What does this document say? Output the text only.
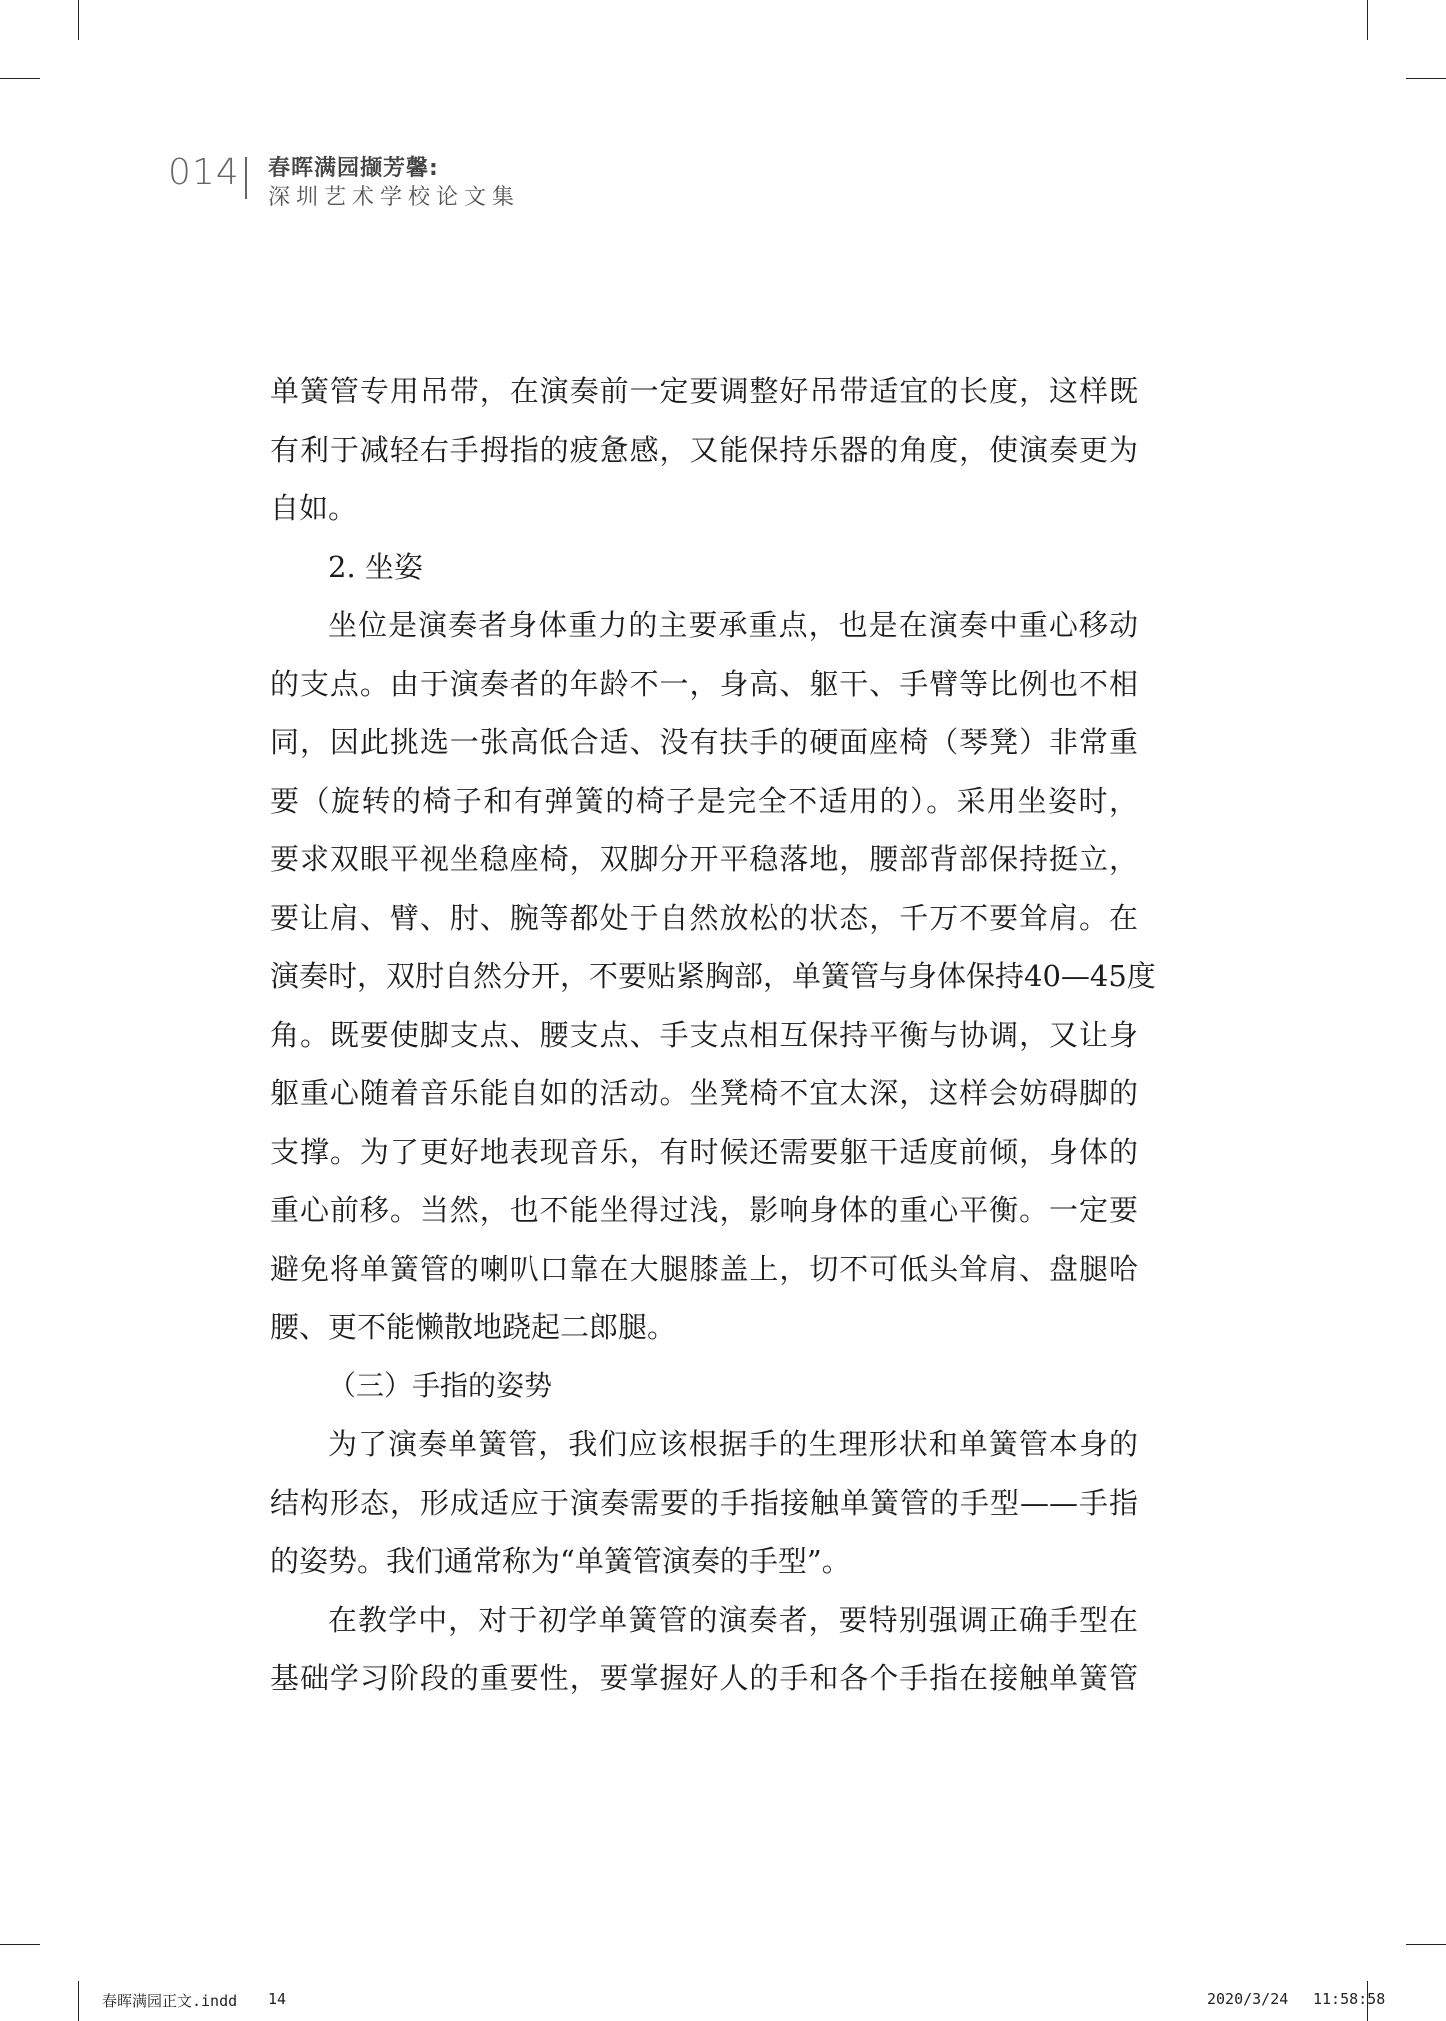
014 春晖满园撷芳馨:
深圳艺术学校论文集
单簧管专用吊带，在演奏前一定要调整好吊带适宜的长度，这样既
有利于减轻右手拇指的疲惫感，又能保持乐器的角度，使演奏更为
自如。
2. 坐姿
坐位是演奏者身体重力的主要承重点，也是在演奏中重心移动
的支点。由于演奏者的年龄不一，身高、躯干、手臂等比例也不相
同，因此挑选一张高低合适、没有扶手的硬面座椅（琴凳）非常重
要（旋转的椅子和有弹簧的椅子是完全不适用的）。采用坐姿时，
要求双眼平视坐稳座椅，双脚分开平稳落地，腰部背部保持挺立，
要让肩、臂、肘、腕等都处于自然放松的状态，千万不要耸肩。在
演奏时，双肘自然分开，不要贴紧胸部，单簧管与身体保持40—45度
角。既要使脚支点、腰支点、手支点相互保持平衡与协调，又让身
躯重心随着音乐能自如的活动。坐凳椅不宜太深，这样会妨碍脚的
支撑。为了更好地表现音乐，有时候还需要躯干适度前倾，身体的
重心前移。当然，也不能坐得过浅，影响身体的重心平衡。一定要
避免将单簧管的喇叭口靠在大腿膝盖上，切不可低头耸肩、盘腿哈
腰、更不能懒散地跷起二郎腿。
（三）手指的姿势
为了演奏单簧管，我们应该根据手的生理形状和单簧管本身的
结构形态，形成适应于演奏需要的手指接触单簧管的手型——手指
的姿势。我们通常称为“单簧管演奏的手型”。
在教学中，对于初学单簧管的演奏者，要特别强调正确手型在
基础学习阶段的重要性，要掌握好人的手和各个手指在接触单簧管
春晖满园正文.indd 14	2020/3/24 11:58:58
